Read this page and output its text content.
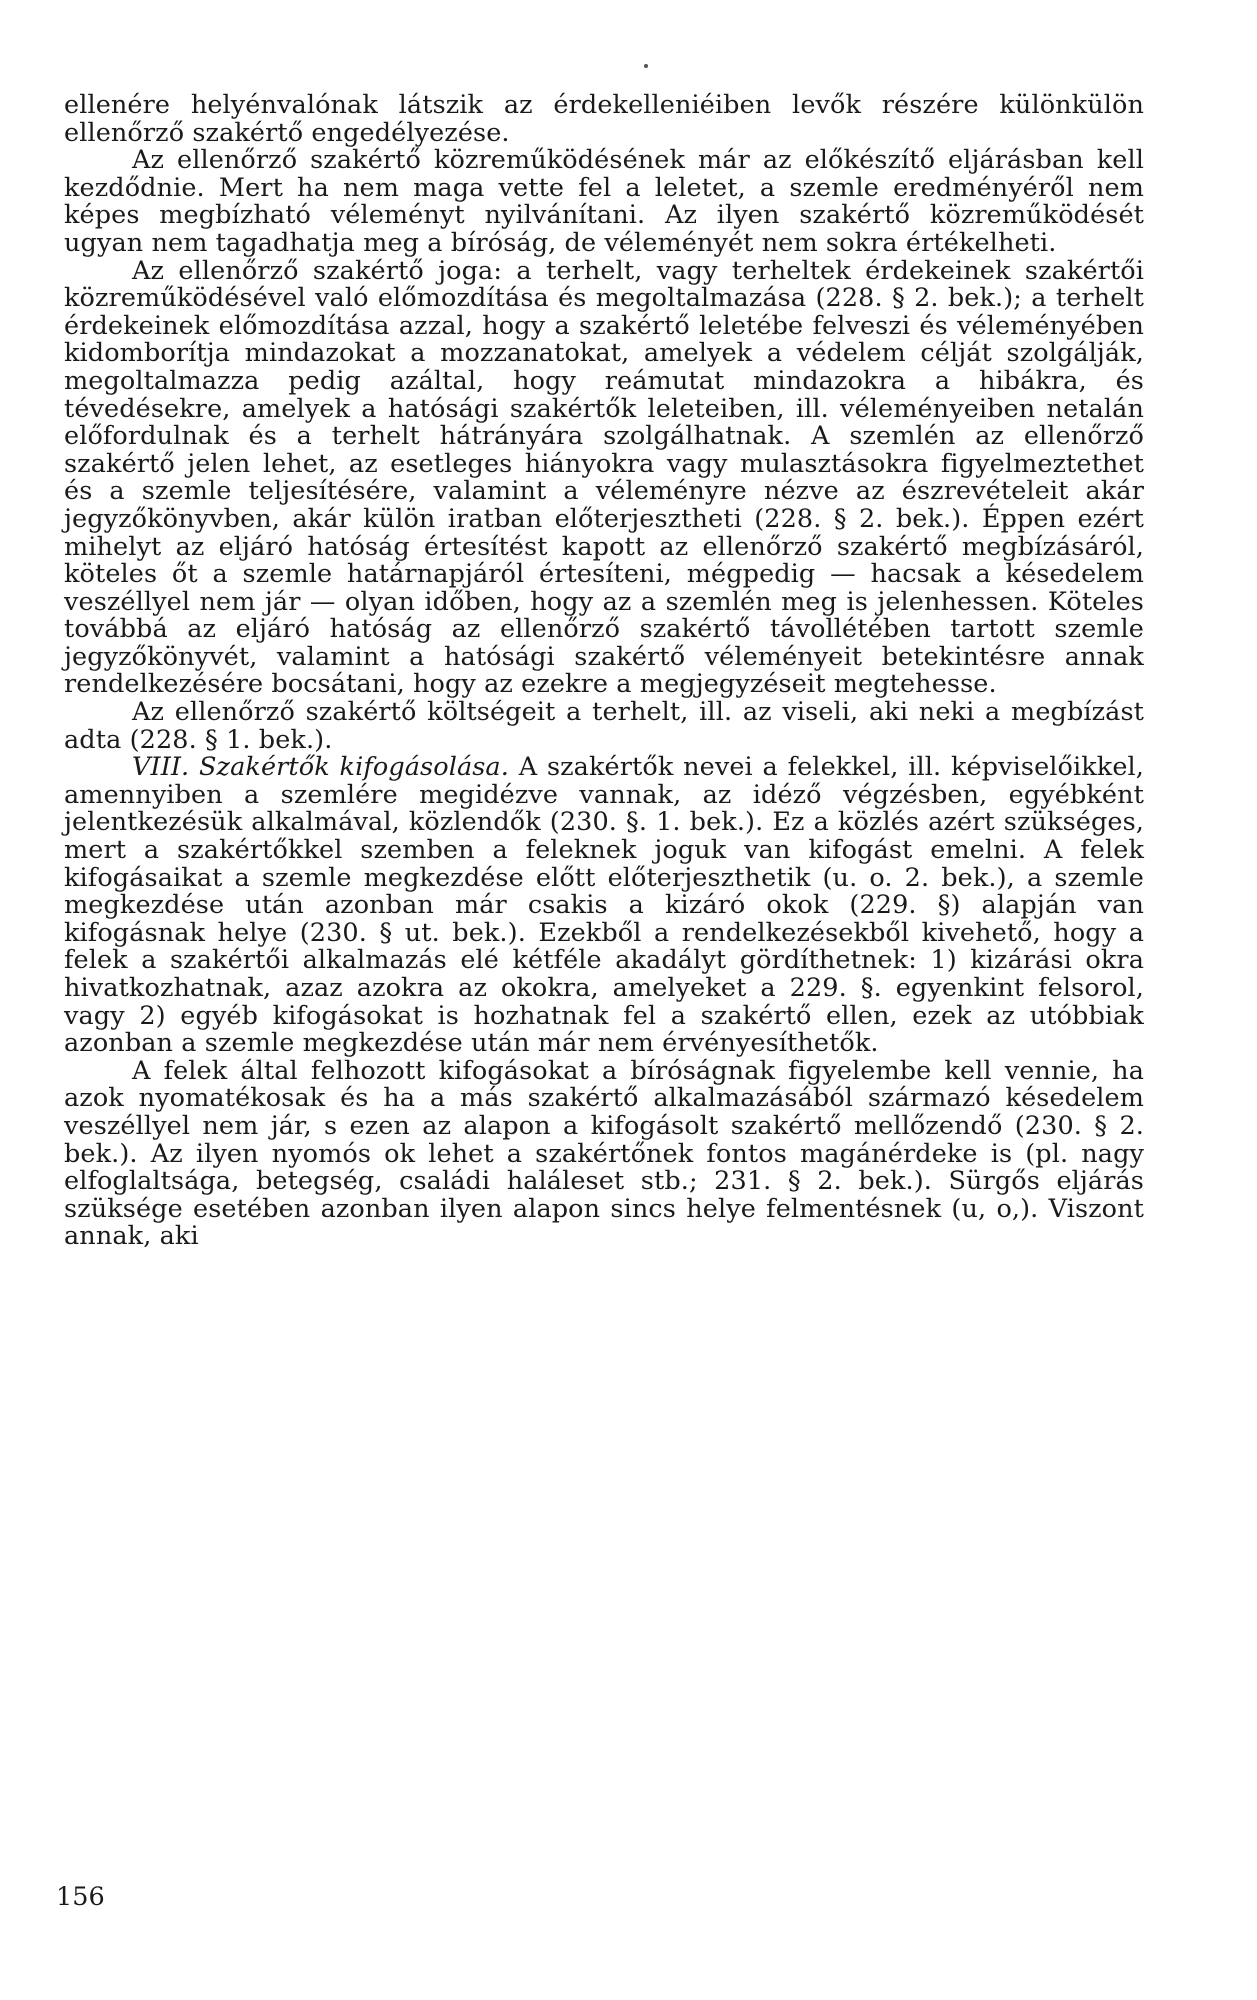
ellenére helyénvalónak látszik az érdekelleniéiben levők részére különkülön ellenőrző szakértő engedélyezése.

Az ellenőrző szakértő közreműködésének már az előkészítő eljárásban kell kezdődnie. Mert ha nem maga vette fel a leletet, a szemle eredményéről nem képes megbízható véleményt nyilvánítani. Az ilyen szakértő közreműködését ugyan nem tagadhatja meg a bíróság, de véleményét nem sokra értékelheti.

Az ellenőrző szakértő joga: a terhelt, vagy terheltek érdekeinek szakértői közreműködésével való előmozdítása és megoltalmazása (228. § 2. bek.); a terhelt érdekeinek előmozdítása azzal, hogy a szakértő leletébe felveszi és véleményében kidomborítja mindazokat a mozzanatokat, amelyek a védelem célját szolgálják, megoltalmazza pedig azáltal, hogy reámutat mindazokra a hibákra, és tévedésekre, amelyek a hatósági szakértők leleteiben, ill. véleményeiben netalán előfordulnak és a terhelt hátrányára szolgálhatnak. A szemlén az ellenőrző szakértő jelen lehet, az esetleges hiányokra vagy mulasztásokra figyelmeztethet és a szemle teljesítésére, valamint a véleményre nézve az észrevételeit akár jegyzőkönyvben, akár külön iratban előterjesztheti (228. § 2. bek.). Éppen ezért mihelyt az eljáró hatóság értesítést kapott az ellenőrző szakértő megbízásáról, köteles őt a szemle határnapjáról értesíteni, mégpedig — hacsak a késedelem veszéllyel nem jár — olyan időben, hogy az a szemlén meg is jelenhessen. Köteles továbbá az eljáró hatóság az ellenőrző szakértő távollétében tartott szemle jegyzőkönyvét, valamint a hatósági szakértő véleményeit betekintésre annak rendelkezésére bocsátani, hogy az ezekre a megjegyzéseit megtehesse.

Az ellenőrző szakértő költségeit a terhelt, ill. az viseli, aki neki a megbízást adta (228. § 1. bek.).

VIII. Szakértők kifogásolása. A szakértők nevei a felekkel, ill. képviselőikkel, amennyiben a szemlére megidézve vannak, az idéző végzésben, egyébként jelentkezésük alkalmával, közlendők (230. §. 1. bek.). Ez a közlés azért szükséges, mert a szakértőkkel szemben a feleknek joguk van kifogást emelni. A felek kifogásaikat a szemle megkezdése előtt előterjeszthetik (u. o. 2. bek.), a szemle megkezdése után azonban már csakis a kizáró okok (229. §) alapján van kifogásnak helye (230. § ut. bek.). Ezekből a rendelkezésekből kivehető, hogy a felek a szakértői alkalmazás elé kétféle akadályt gördíthetnek: 1) kizárási okra hivatkozhatnak, azaz azokra az okokra, amelyeket a 229. §. egyenkint felsorol, vagy 2) egyéb kifogásokat is hozhatnak fel a szakértő ellen, ezek az utóbbiak azonban a szemle megkezdése után már nem érvényesíthetők.

A felek által felhozott kifogásokat a bíróságnak figyelembe kell vennie, ha azok nyomatékosak és ha a más szakértő alkalmazásából származó késedelem veszéllyel nem jár, s ezen az alapon a kifogásolt szakértő mellőzendő (230. § 2. bek.). Az ilyen nyomós ok lehet a szakértőnek fontos magánérdeke is (pl. nagy elfoglaltsága, betegség, családi haláleset stb.; 231. § 2. bek.). Sürgős eljárás szüksége esetében azonban ilyen alapon sincs helye felmentésnek (u, o,). Viszont annak, aki

156
